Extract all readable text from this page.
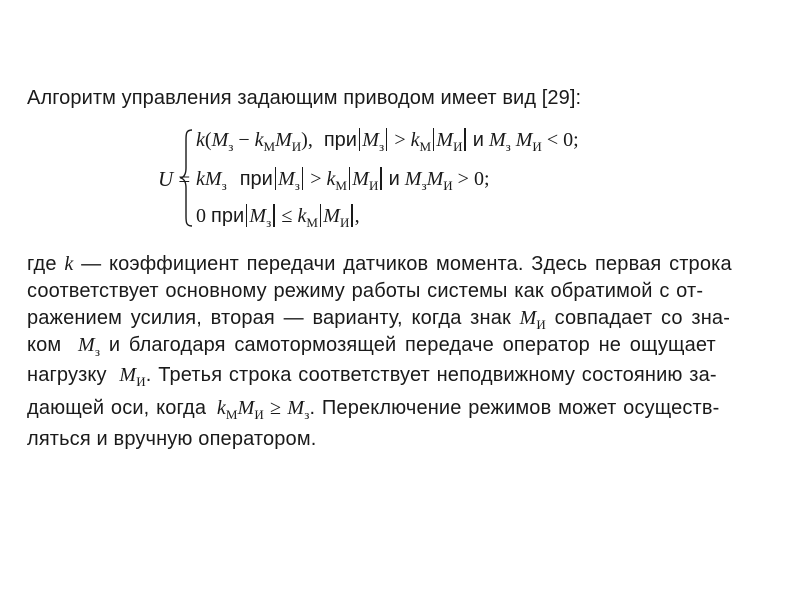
Алгоритм управления задающим приводом имеет вид [29]:
U =
$k(M_з - k_МM_И)$, при $M_з > k_М$ $M_И$ и $M_з$ $M_И < 0$;
$kM_з$ при $M_з > k_М$ $M_И$ и $M_зM_И > 0$;
0 при $M_з \le k_М$ $M_И$ ,
где k — коэффициент передачи датчиков момента. Здесь первая строка
соответствует основному режиму работы системы как обратимой с от-
ражением усилия, вторая — варианту, когда знак $M_И$ совпадает со зна-
ком $M_з$ и благодаря самотормозящей передаче оператор не ощущает
нагрузку $M_И$. Третья строка соответствует неподвижному состоянию за-
дающей оси, когда $k_МM_И \ge M_з$. Переключение режимов может осуществ-
ляться и вручную оператором.
